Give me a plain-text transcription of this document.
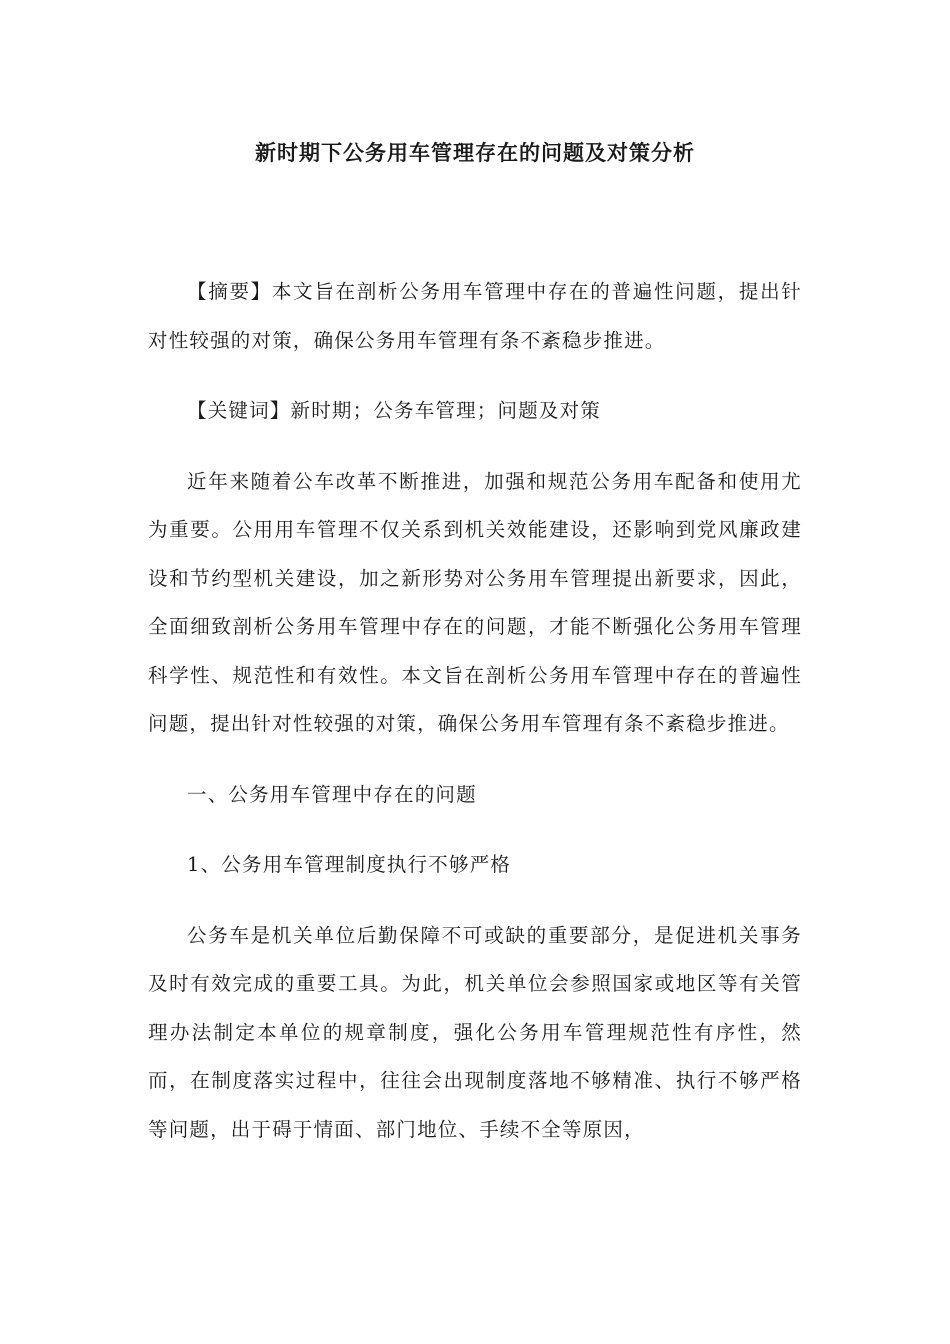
新时期下公务用车管理存在的问题及对策分析

【摘要】本文旨在剖析公务用车管理中存在的普遍性问题，提出针对性较强的对策，确保公务用车管理有条不紊稳步推进。

【关键词】新时期；公务车管理；问题及对策

近年来随着公车改革不断推进，加强和规范公务用车配备和使用尤为重要。公用用车管理不仅关系到机关效能建设，还影响到党风廉政建设和节约型机关建设，加之新形势对公务用车管理提出新要求，因此，全面细致剖析公务用车管理中存在的问题，才能不断强化公务用车管理科学性、规范性和有效性。本文旨在剖析公务用车管理中存在的普遍性问题，提出针对性较强的对策，确保公务用车管理有条不紊稳步推进。

一、公务用车管理中存在的问题

1、公务用车管理制度执行不够严格

公务车是机关单位后勤保障不可或缺的重要部分，是促进机关事务及时有效完成的重要工具。为此，机关单位会参照国家或地区等有关管理办法制定本单位的规章制度，强化公务用车管理规范性有序性，然而，在制度落实过程中，往往会出现制度落地不够精准、执行不够严格等问题，出于碍于情面、部门地位、手续不全等原因，
